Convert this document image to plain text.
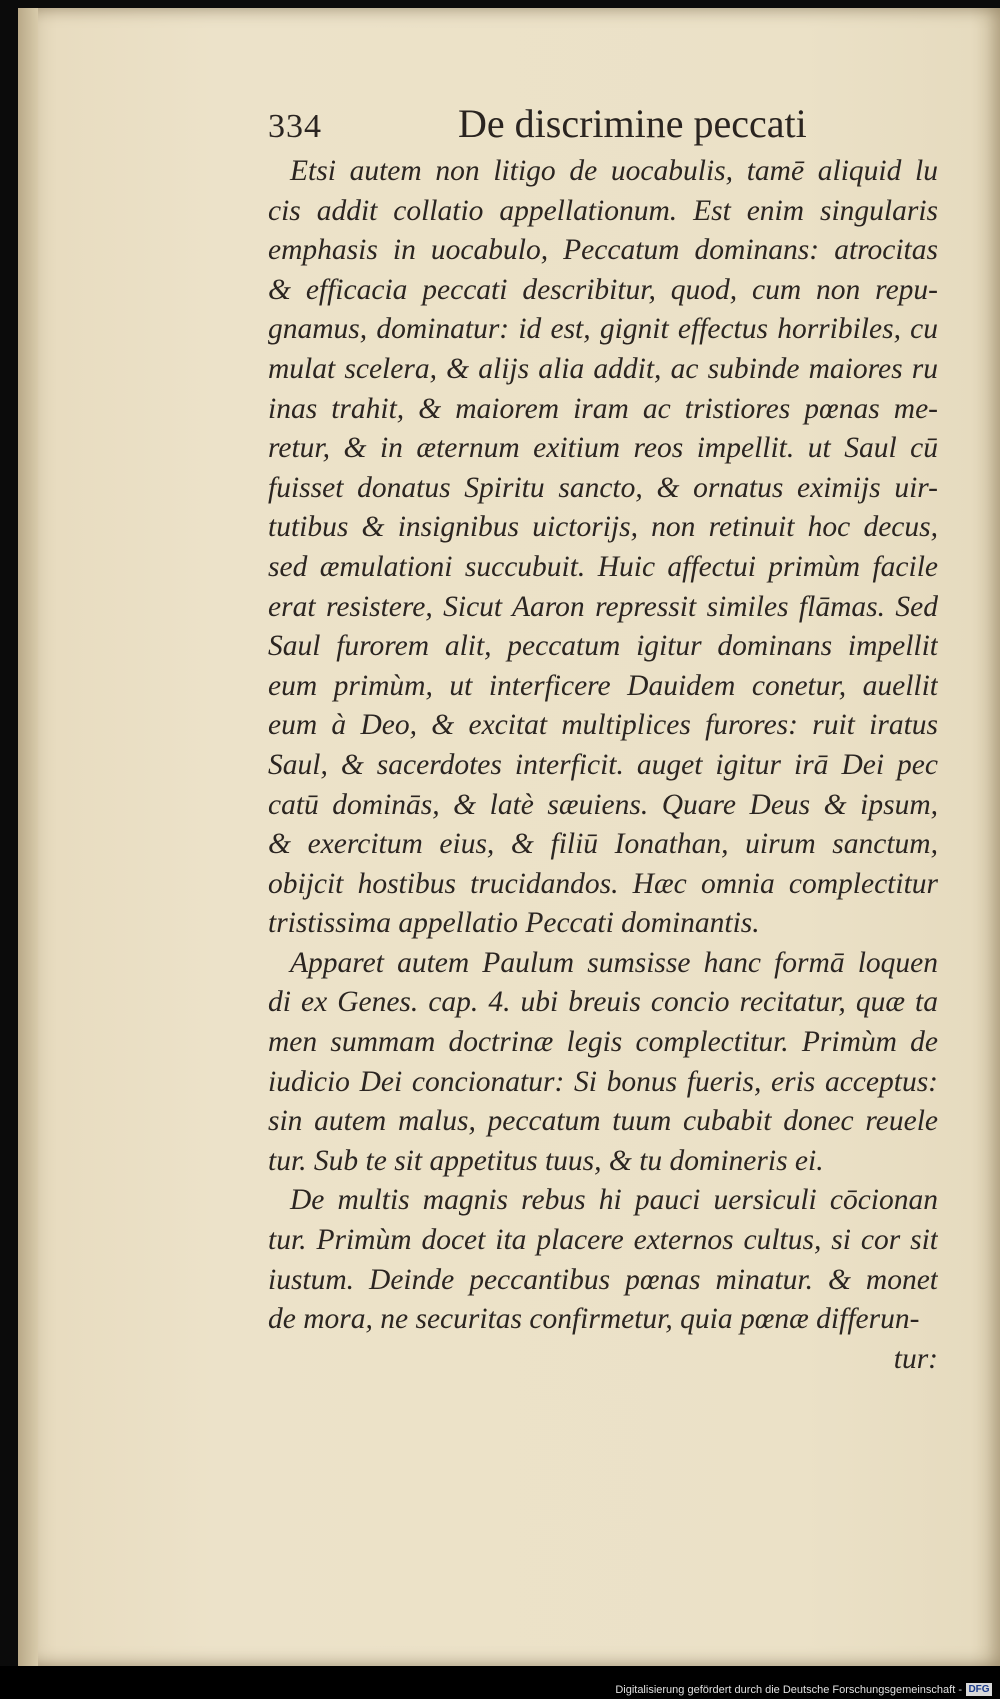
334	De discrimine peccati
Etsi autem non litigo de uocabulis, tamē aliquid lu
cis addit collatio appellationum. Est enim singularis
emphasis in uocabulo, Peccatum dominans: atrocitas
& efficacia peccati describitur, quod, cum non repu-
gnamus, dominatur: id est, gignit effectus horribiles, cu
mulat scelera, & alijs alia addit, ac subinde maiores ru
inas trahit, & maiorem iram ac tristiores pœnas me-
retur, & in æternum exitium reos impellit. ut Saul cū
fuisset donatus Spiritu sancto, & ornatus eximijs uir-
tutibus & insignibus uictorijs, non retinuit hoc decus,
sed æmulationi succubuit. Huic affectui primùm facile
erat resistere, Sicut Aaron repressit similes flāmas. Sed
Saul furorem alit, peccatum igitur dominans impellit
eum primùm, ut interficere Dauidem conetur, auellit
eum à Deo, & excitat multiplices furores: ruit iratus
Saul, & sacerdotes interficit. auget igitur irā Dei pec
catū dominās, & latè sæuiens. Quare Deus & ipsum,
& exercitum eius, & filiū Ionathan, uirum sanctum,
obijcit hostibus trucidandos. Hæc omnia complectitur
tristissima appellatio Peccati dominantis.
Apparet autem Paulum sumsisse hanc formā loquen
di ex Genes. cap. 4. ubi breuis concio recitatur, quæ ta
men summam doctrinæ legis complectitur. Primùm de
iudicio Dei concionatur: Si bonus fueris, eris acceptus:
sin autem malus, peccatum tuum cubabit donec reuele
tur. Sub te sit appetitus tuus, & tu domineris ei.
De multis magnis rebus hi pauci uersiculi cōcionan
tur. Primùm docet ita placere externos cultus, si cor sit
iustum. Deinde peccantibus pœnas minatur. & monet
de mora, ne securitas confirmetur, quia pœnæ differun-
tur:
Digitalisierung gefördert durch die Deutsche Forschungsgemeinschaft - DFG
